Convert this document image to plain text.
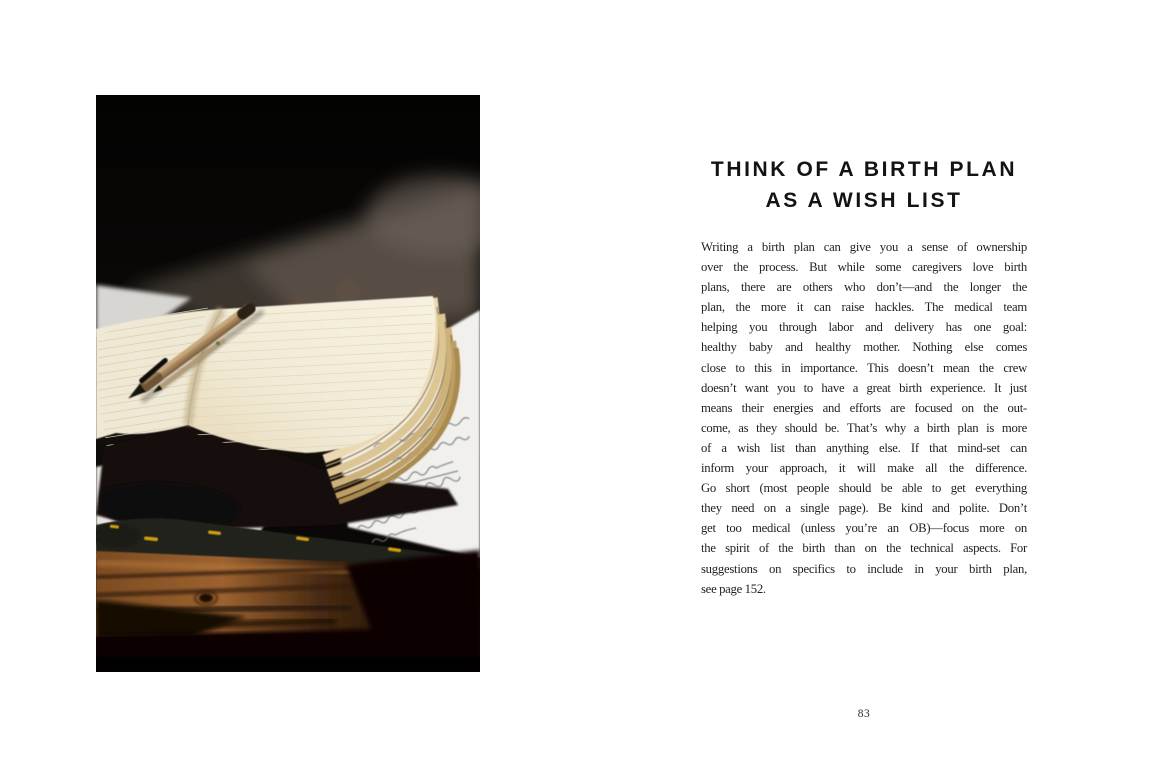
THINK OF A BIRTH PLAN
AS A WISH LIST
Writing a birth plan can give you a sense of ownership
over the process. But while some caregivers love birth
plans, there are others who don’t—and the longer the
plan, the more it can raise hackles. The medical team
helping you through labor and delivery has one goal:
healthy baby and healthy mother. Nothing else comes
close to this in importance. This doesn’t mean the crew
doesn’t want you to have a great birth experience. It just
means their energies and efforts are focused on the out-
come, as they should be. That’s why a birth plan is more
of a wish list than anything else. If that mind-set can
inform your approach, it will make all the difference.
Go short (most people should be able to get everything
they need on a single page). Be kind and polite. Don’t
get too medical (unless you’re an OB)—focus more on
the spirit of the birth than on the technical aspects. For
suggestions on specifics to include in your birth plan,
see page 152.
83
